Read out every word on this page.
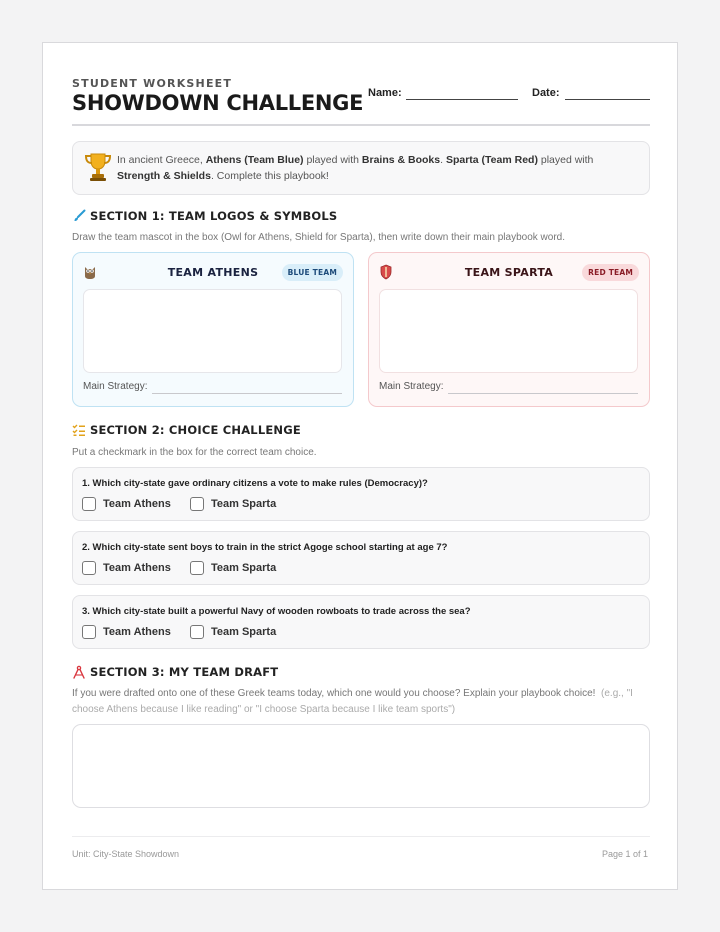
STUDENT WORKSHEET
SHOWDOWN CHALLENGE Name:	Date:
In ancient Greece, Athens (Team Blue) played with Brains & Books. Sparta (Team Red) played with Strength & Shields. Complete this playbook!
SECTION 1: TEAM LOGOS & SYMBOLS
Draw the team mascot in the box (Owl for Athens, Shield for Sparta), then write down their main playbook word.
TEAM ATHENS	BLUE TEAM
Main Strategy:
TEAM SPARTA	RED TEAM
Main Strategy:
SECTION 2: CHOICE CHALLENGE
Put a checkmark in the box for the correct team choice.
1. Which city-state gave ordinary citizens a vote to make rules (Democracy)?
Team Athens	Team Sparta
2. Which city-state sent boys to train in the strict Agoge school starting at age 7?
Team Athens	Team Sparta
3. Which city-state built a powerful Navy of wooden rowboats to trade across the sea?
Team Athens	Team Sparta
SECTION 3: MY TEAM DRAFT
If you were drafted onto one of these Greek teams today, which one would you choose? Explain your playbook choice! (e.g., "I choose Athens because I like reading" or "I choose Sparta because I like team sports")
Unit: City-State Showdown	Page 1 of 1
